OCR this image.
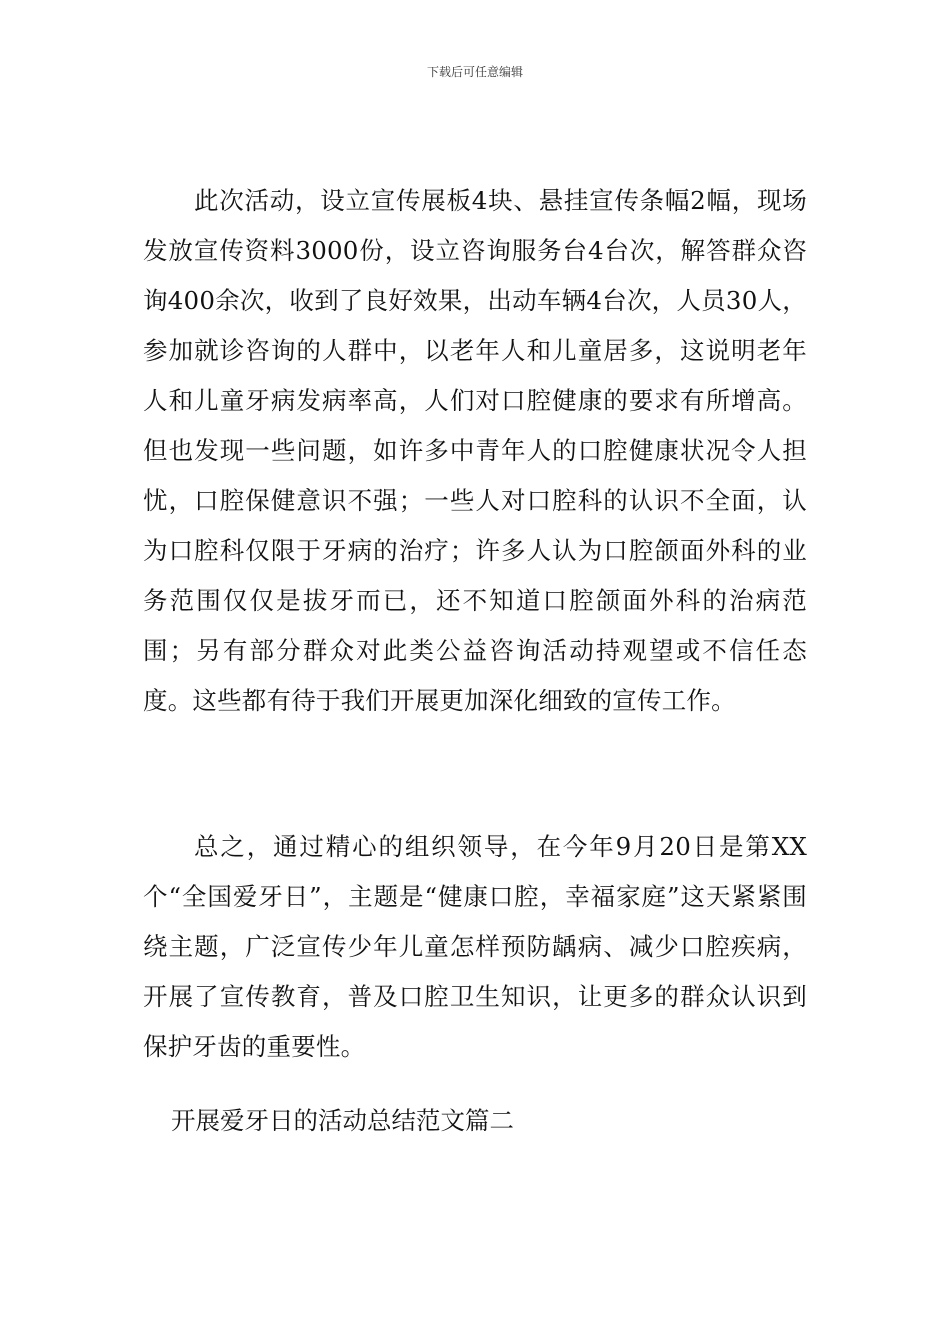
下载后可任意编辑

此次活动，设立宣传展板4块、悬挂宣传条幅2幅，现场发放宣传资料3000份，设立咨询服务台4台次，解答群众咨询400余次，收到了良好效果，出动车辆4台次，人员30人，参加就诊咨询的人群中，以老年人和儿童居多，这说明老年人和儿童牙病发病率高，人们对口腔健康的要求有所增高。但也发现一些问题，如许多中青年人的口腔健康状况令人担忧，口腔保健意识不强；一些人对口腔科的认识不全面，认为口腔科仅限于牙病的治疗；许多人认为口腔颌面外科的业务范围仅仅是拔牙而已，还不知道口腔颌面外科的治病范围；另有部分群众对此类公益咨询活动持观望或不信任态度。这些都有待于我们开展更加深化细致的宣传工作。

总之，通过精心的组织领导，在今年9月20日是第XX个“全国爱牙日”，主题是“健康口腔，幸福家庭”这天紧紧围绕主题，广泛宣传少年儿童怎样预防龋病、减少口腔疾病，开展了宣传教育，普及口腔卫生知识，让更多的群众认识到保护牙齿的重要性。

开展爱牙日的活动总结范文篇二
